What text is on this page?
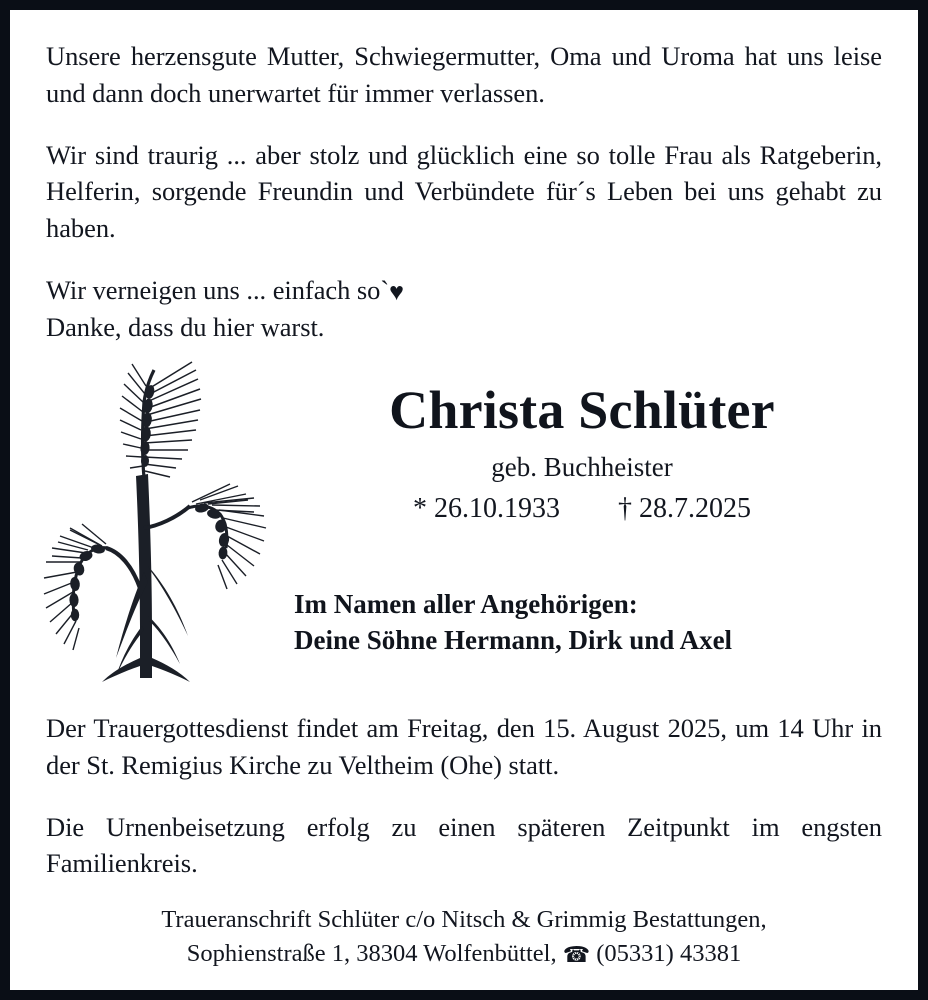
Unsere herzensgute Mutter, Schwiegermutter, Oma und Uroma hat uns leise und dann doch unerwartet für immer verlassen.

Wir sind traurig ... aber stolz und glücklich eine so tolle Frau als Ratgeberin, Helferin, sorgende Freundin und Verbündete für´s Leben bei uns gehabt zu haben.

Wir verneigen uns ... einfach so`♥
Danke, dass du hier warst.

Christa Schlüter
geb. Buchheister
* 26.10.1933 † 28.7.2025
Im Namen aller Angehörigen:
Deine Söhne Hermann, Dirk und Axel

Der Trauergottesdienst findet am Freitag, den 15. August 2025, um 14 Uhr in der St. Remigius Kirche zu Veltheim (Ohe) statt.

Die Urnenbeisetzung erfolg zu einen späteren Zeitpunkt im engsten Familienkreis.

Traueranschrift Schlüter c/o Nitsch & Grimmig Bestattungen,
Sophienstraße 1, 38304 Wolfenbüttel, ☎ (05331) 43381
